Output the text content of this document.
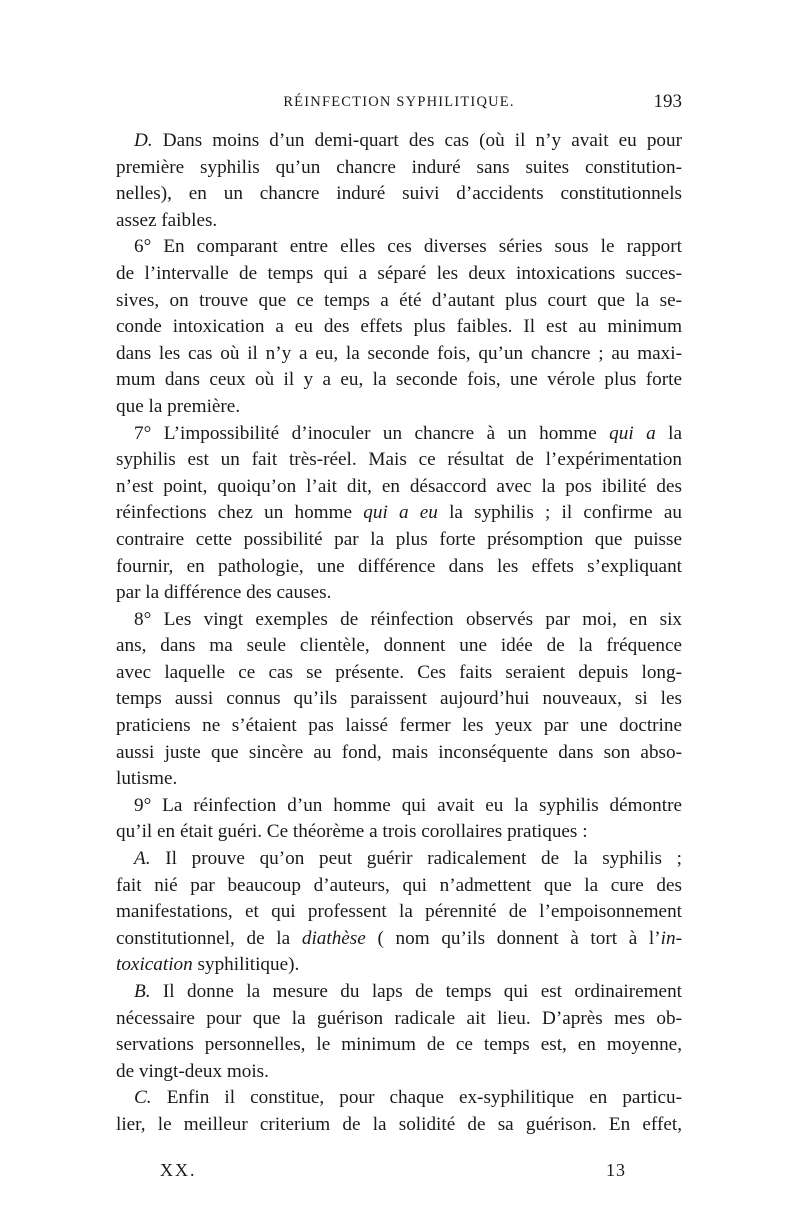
RÉINFECTION SYPHILITIQUE.	193
D. Dans moins d’un demi-quart des cas (où il n’y avait eu pour
première syphilis qu’un chancre induré sans suites constitution-
nelles), en un chancre induré suivi d’accidents constitutionnels
assez faibles.
6° En comparant entre elles ces diverses séries sous le rapport
de l’intervalle de temps qui a séparé les deux intoxications succes-
sives, on trouve que ce temps a été d’autant plus court que la se-
conde intoxication a eu des effets plus faibles. Il est au minimum
dans les cas où il n’y a eu, la seconde fois, qu’un chancre ; au maxi-
mum dans ceux où il y a eu, la seconde fois, une vérole plus forte
que la première.
7° L’impossibilité d’inoculer un chancre à un homme qui a la
syphilis est un fait très-réel. Mais ce résultat de l’expérimentation
n’est point, quoiqu’on l’ait dit, en désaccord avec la pos ibilité des
réinfections chez un homme qui a eu la syphilis ; il confirme au
contraire cette possibilité par la plus forte présomption que puisse
fournir, en pathologie, une différence dans les effets s’expliquant
par la différence des causes.
8° Les vingt exemples de réinfection observés par moi, en six
ans, dans ma seule clientèle, donnent une idée de la fréquence
avec laquelle ce cas se présente. Ces faits seraient depuis long-
temps aussi connus qu’ils paraissent aujourd’hui nouveaux, si les
praticiens ne s’étaient pas laissé fermer les yeux par une doctrine
aussi juste que sincère au fond, mais inconséquente dans son abso-
lutisme.
9° La réinfection d’un homme qui avait eu la syphilis démontre
qu’il en était guéri. Ce théorème a trois corollaires pratiques :
A. Il prouve qu’on peut guérir radicalement de la syphilis ;
fait nié par beaucoup d’auteurs, qui n’admettent que la cure des
manifestations, et qui professent la pérennité de l’empoisonnement
constitutionnel, de la diathèse ( nom qu’ils donnent à tort à l’in-
toxication syphilitique).
B. Il donne la mesure du laps de temps qui est ordinairement
nécessaire pour que la guérison radicale ait lieu. D’après mes ob-
servations personnelles, le minimum de ce temps est, en moyenne,
de vingt-deux mois.
C. Enfin il constitue, pour chaque ex-syphilitique en particu-
lier, le meilleur criterium de la solidité de sa guérison. En effet,
XX.	13
